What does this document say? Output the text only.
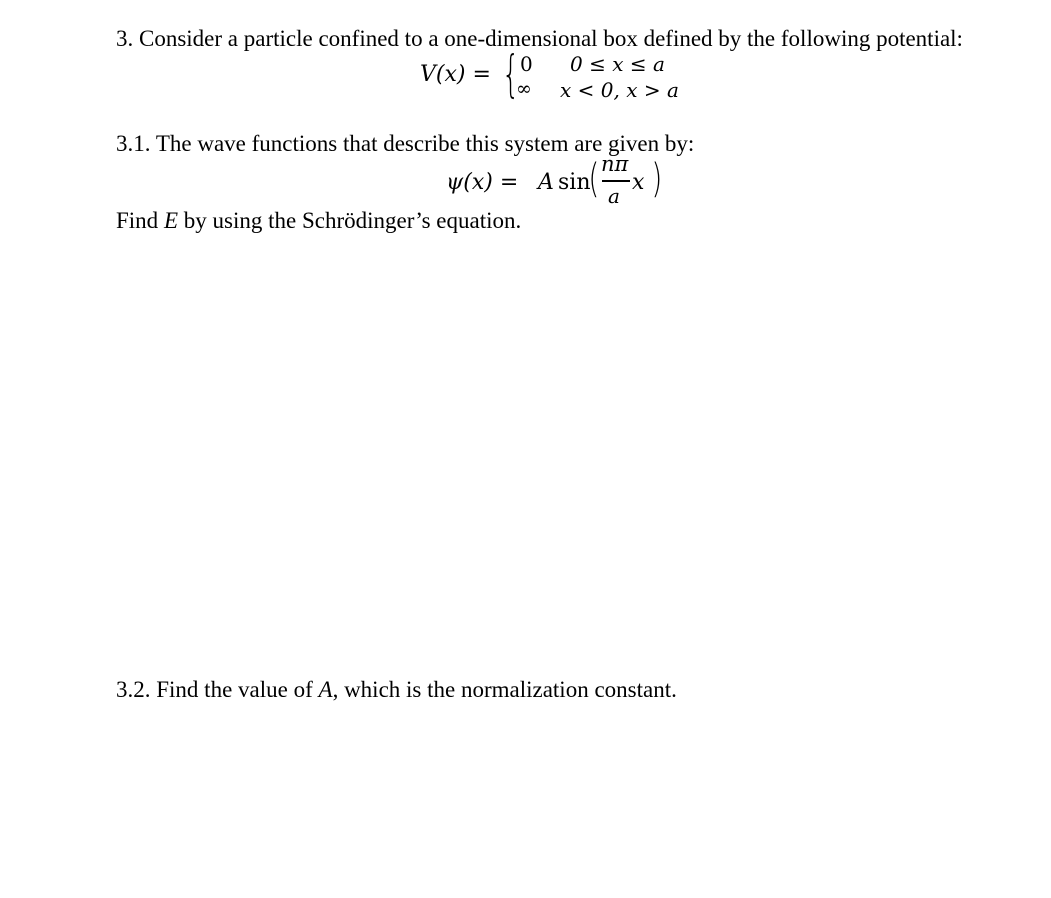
3. Consider a particle confined to a one-dimensional box defined by the following potential:
V(x) = { 0
∞
0 ≤ x ≤ a
x < 0, x > a
3.1. The wave functions that describe this system are given by:
ψ(x) = A sin
( nπ
a
x )
Find E by using the Schrödinger’s equation.
3.2. Find the value of A, which is the normalization constant.
